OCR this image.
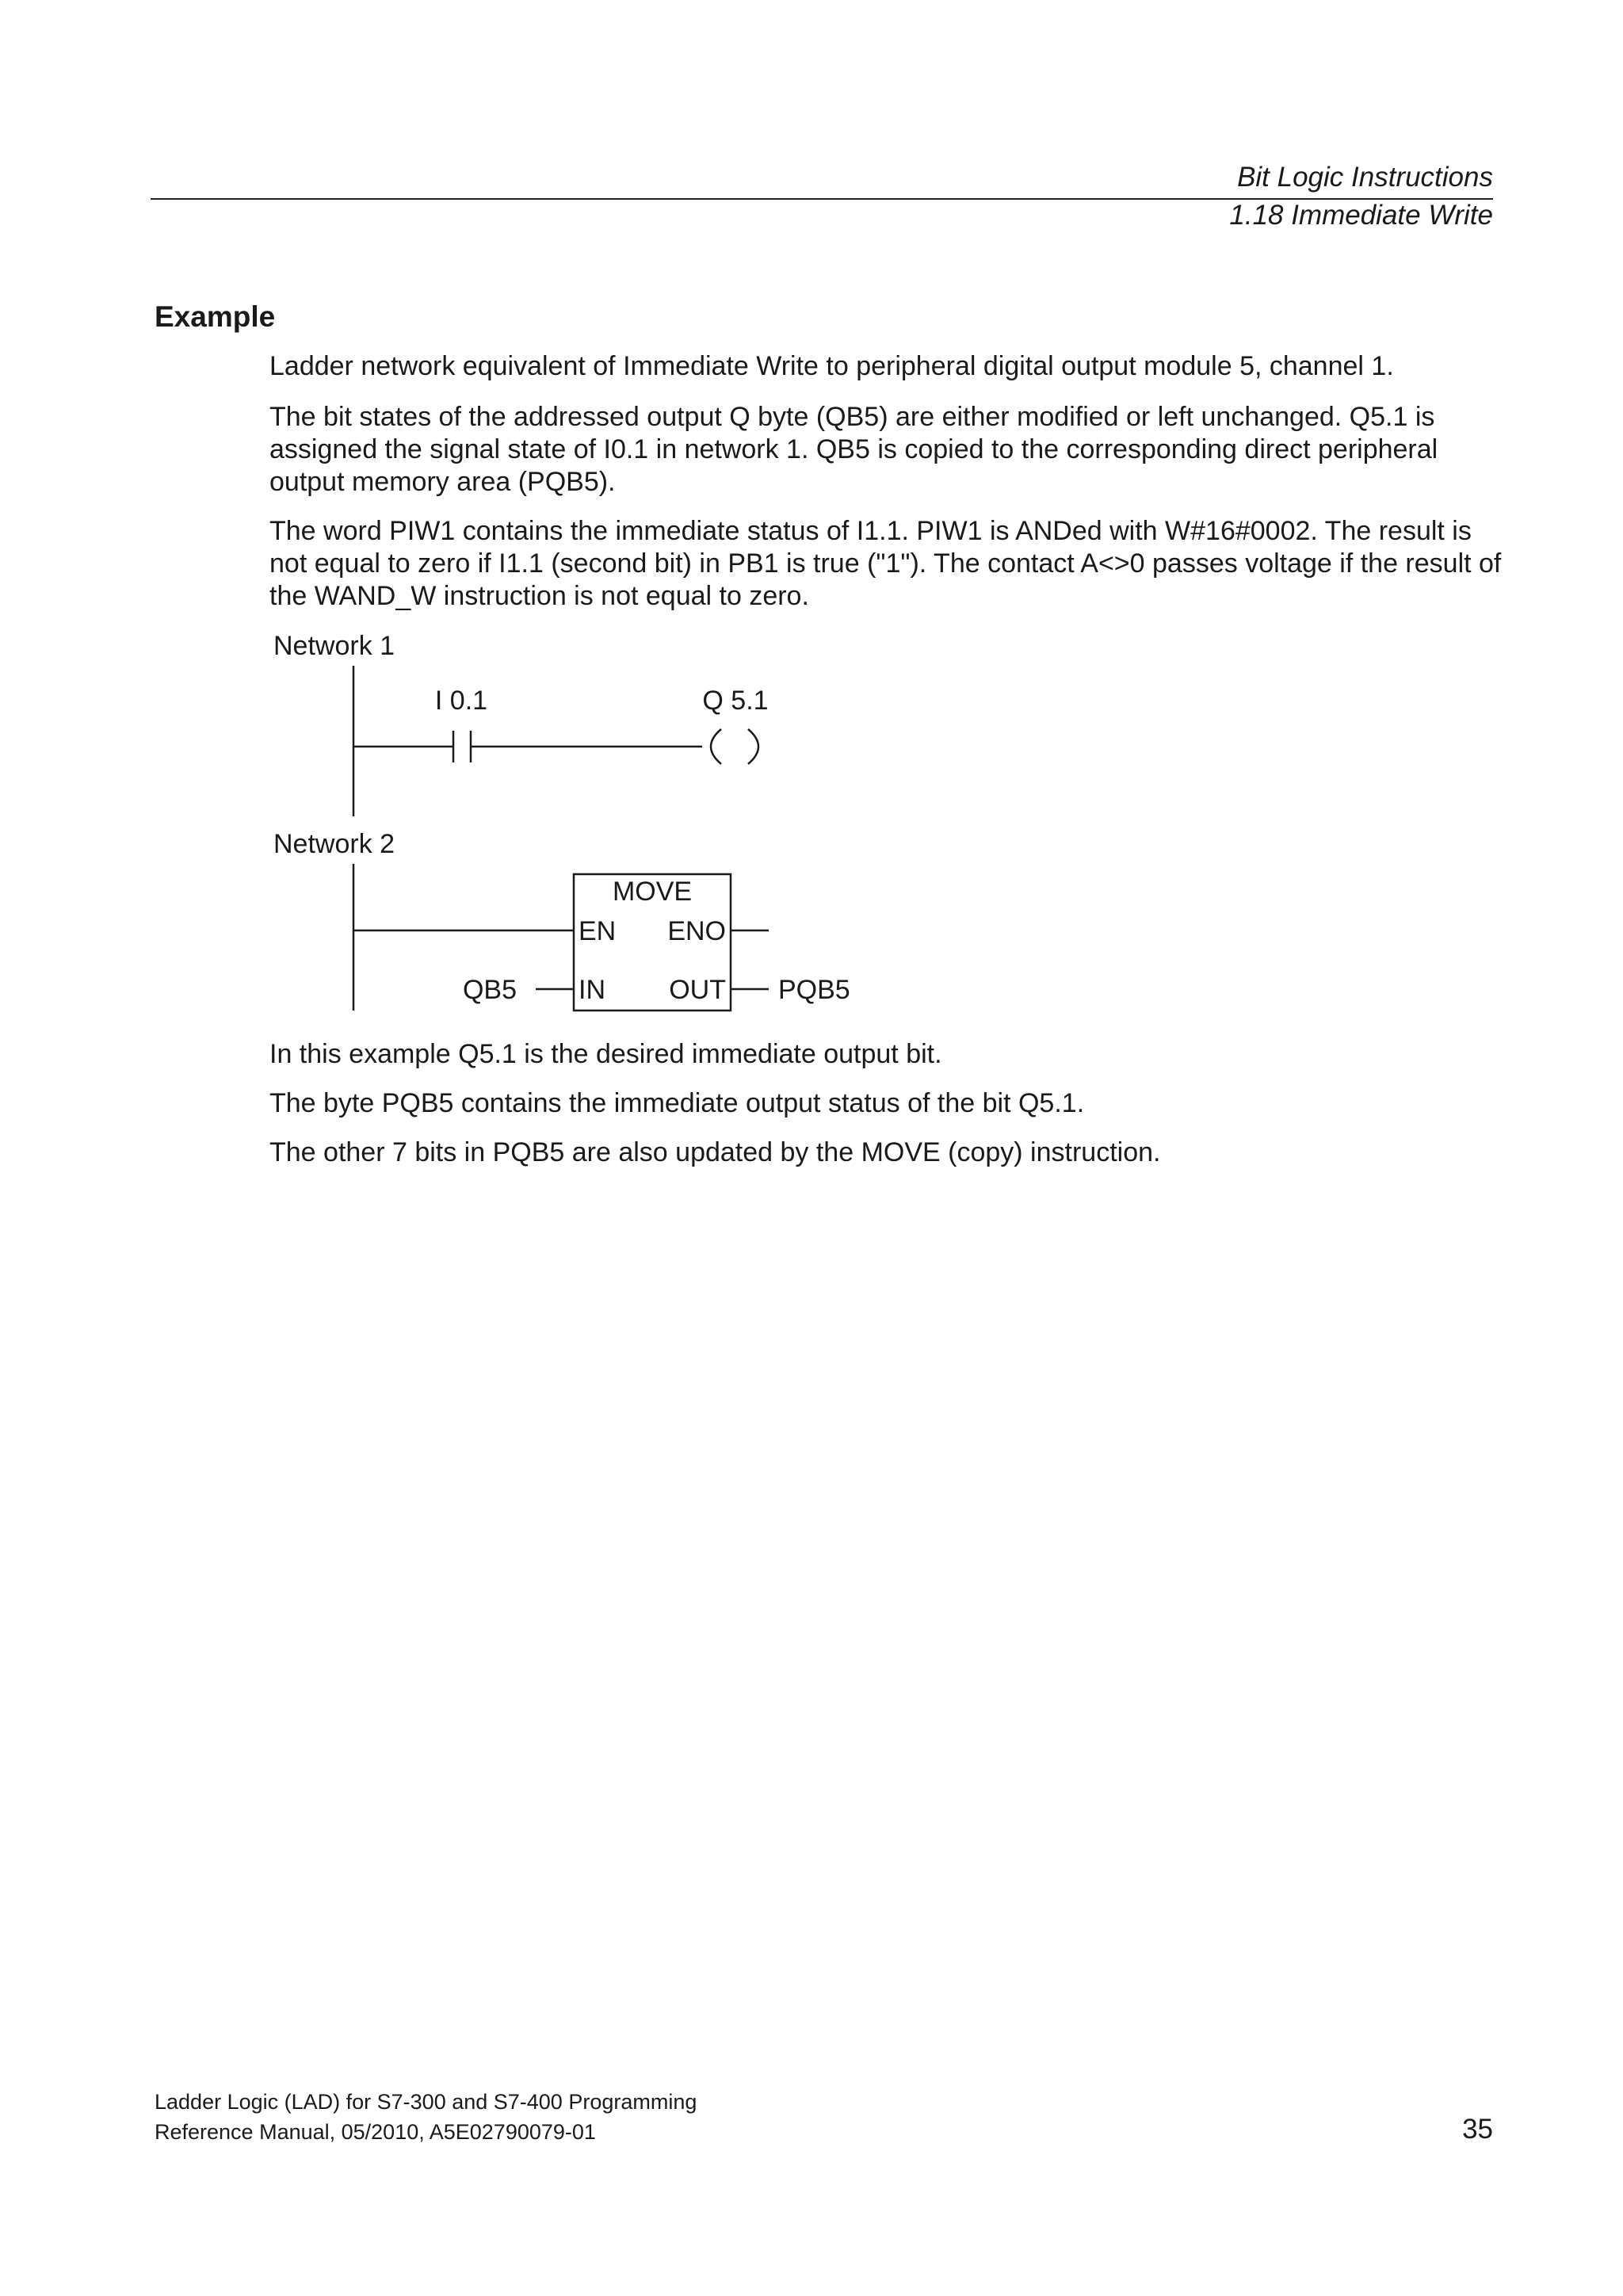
Bit Logic Instructions
1.18 Immediate Write
Example

Ladder network equivalent of Immediate Write to peripheral digital output module 5, channel 1.

The bit states of the addressed output Q byte (QB5) are either modified or left unchanged. Q5.1 is assigned the signal state of I0.1 in network 1. QB5 is copied to the corresponding direct peripheral output memory area (PQB5).

The word PIW1 contains the immediate status of I1.1. PIW1 is ANDed with W#16#0002. The result is not equal to zero if I1.1 (second bit) in PB1 is true ("1"). The contact A<>0 passes voltage if the result of the WAND_W instruction is not equal to zero.

Network 1
Network 2
I 0.1	Q 5.1
MOVE
EN ENO
IN OUT
QB5	PQB5

In this example Q5.1 is the desired immediate output bit.

The byte PQB5 contains the immediate output status of the bit Q5.1.

The other 7 bits in PQB5 are also updated by the MOVE (copy) instruction.

Ladder Logic (LAD) for S7-300 and S7-400 Programming
Reference Manual, 05/2010, A5E02790079-01	35
